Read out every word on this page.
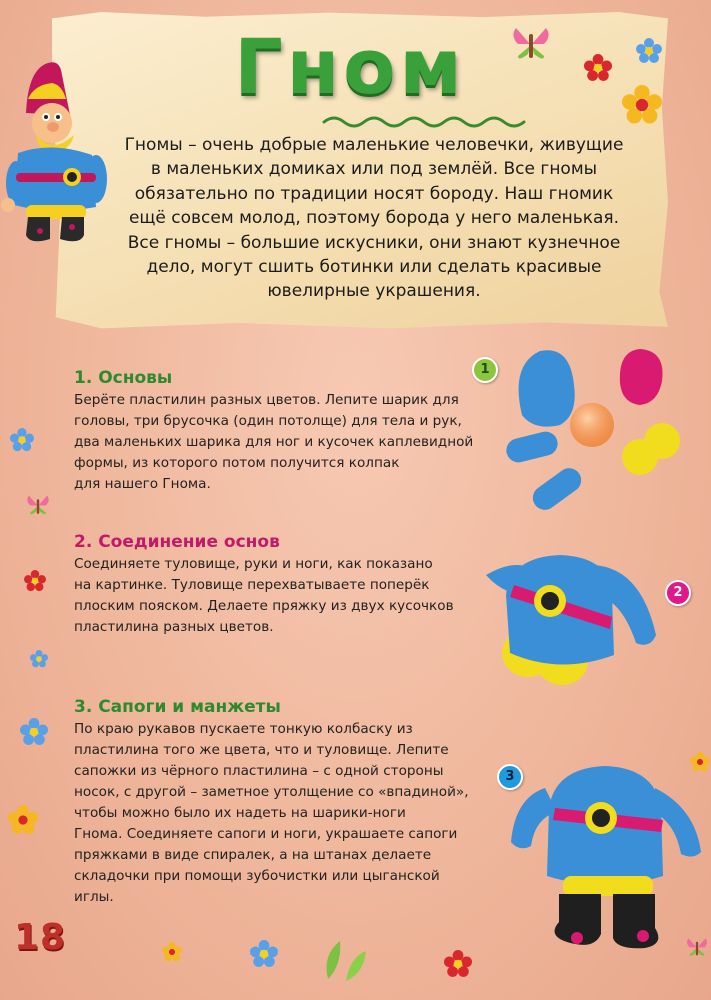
Гном
Гномы – очень добрые маленькие человечки, живущие в маленьких домиках или под землёй. Все гномы обязательно по традиции носят бороду. Наш гномик ещё совсем молод, поэтому борода у него маленькая. Все гномы – большие искусники, они знают кузнечное дело, могут сшить ботинки или сделать красивые ювелирные украшения.
1. Основы
Берёте пластилин разных цветов. Лепите шарик для
головы, три брусочка (один потолще) для тела и рук,
два маленьких шарика для ног и кусочек каплевидной
формы, из которого потом получится колпак
для нашего Гнома.
1
2. Соединение основ
Соединяете туловище, руки и ноги, как показано
на картинке. Туловище перехватываете поперёк
плоским пояском. Делаете пряжку из двух кусочков
пластилина разных цветов.
2
3. Сапоги и манжеты
По краю рукавов пускаете тонкую колбаску из
пластилина того же цвета, что и туловище. Лепите
сапожки из чёрного пластилина – с одной стороны
носок, с другой – заметное утолщение со «впадиной»,
чтобы можно было их надеть на шарики-ноги
Гнома. Соединяете сапоги и ноги, украшаете сапоги
пряжками в виде спиралек, а на штанах делаете
складочки при помощи зубочистки или цыганской
иглы.
3
18
